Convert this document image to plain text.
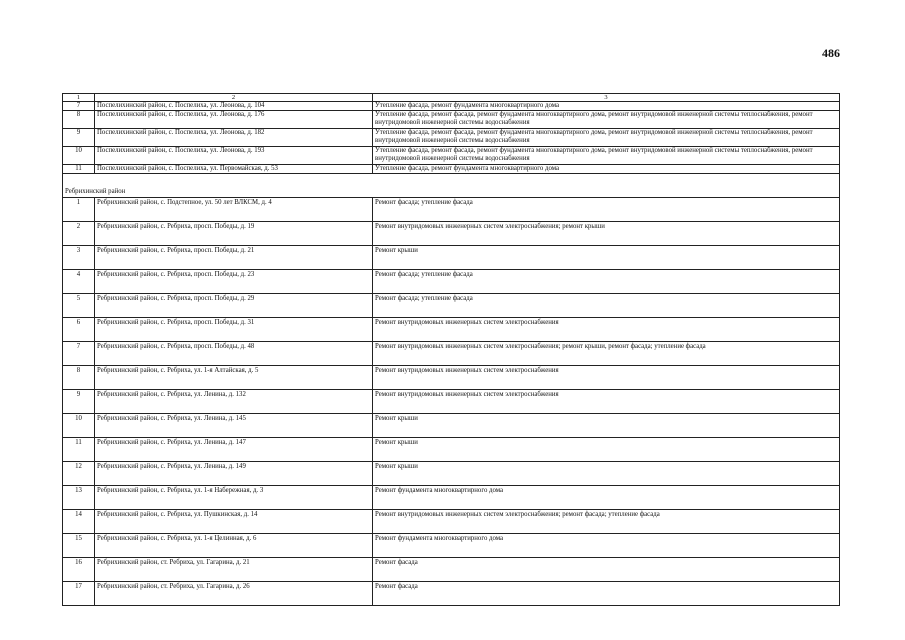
486
1	2	3
7	Поспелихинский район, с. Поспелиха, ул. Леонова, д. 104	Утепление фасада, ремонт фундамента многоквартирного дома
8	Поспелихинский район, с. Поспелиха, ул. Леонова, д. 176	Утепление фасада, ремонт фасада, ремонт фундамента многоквартирного дома, ремонт внутридомовой инженерной системы теплоснабжения, ремонт внутридомовой инженерной системы водоснабжения
9	Поспелихинский район, с. Поспелиха, ул. Леонова, д. 182	Утепление фасада, ремонт фасада, ремонт фундамента многоквартирного дома, ремонт внутридомовой инженерной системы теплоснабжения, ремонт внутридомовой инженерной системы водоснабжения
10	Поспелихинский район, с. Поспелиха, ул. Леонова, д. 193	Утепление фасада, ремонт фасада, ремонт фундамента многоквартирного дома, ремонт внутридомовой инженерной системы теплоснабжения, ремонт внутридомовой инженерной системы водоснабжения
11	Поспелихинский район, с. Поспелиха, ул. Первомайская, д. 53	Утепление фасада, ремонт фундамента многоквартирного дома
Ребрихинский район		
1	Ребрихинский район, с. Подстепное, ул. 50 лет ВЛКСМ, д. 4	Ремонт фасада; утепление фасада
2	Ребрихинский район, с. Ребриха, просп. Победы, д. 19	Ремонт внутридомовых инженерных систем электроснабжения; ремонт крыши
3	Ребрихинский район, с. Ребриха, просп. Победы, д. 21	Ремонт крыши
4	Ребрихинский район, с. Ребриха, просп. Победы, д. 23	Ремонт фасада; утепление фасада
5	Ребрихинский район, с. Ребриха, просп. Победы, д. 29	Ремонт фасада; утепление фасада
6	Ребрихинский район, с. Ребриха, просп. Победы, д. 31	Ремонт внутридомовых инженерных систем электроснабжения
7	Ребрихинский район, с. Ребриха, просп. Победы, д. 48	Ремонт внутридомовых инженерных систем электроснабжения; ремонт крыши, ремонт фасада; утепление фасада
8	Ребрихинский район, с. Ребриха, ул. 1-я Алтайская, д. 5	Ремонт внутридомовых инженерных систем электроснабжения
9	Ребрихинский район, с. Ребриха, ул. Ленина, д. 132	Ремонт внутридомовых инженерных систем электроснабжения
10	Ребрихинский район, с. Ребриха, ул. Ленина, д. 145	Ремонт крыши
11	Ребрихинский район, с. Ребриха, ул. Ленина, д. 147	Ремонт крыши
12	Ребрихинский район, с. Ребриха, ул. Ленина, д. 149	Ремонт крыши
13	Ребрихинский район, с. Ребриха, ул. 1-я Набережная, д. 3	Ремонт фундамента многоквартирного дома
14	Ребрихинский район, с. Ребриха, ул. Пушкинская, д. 14	Ремонт внутридомовых инженерных систем электроснабжения; ремонт фасада; утепление фасада
15	Ребрихинский район, с. Ребриха, ул. 1-я Целинная, д. 6	Ремонт фундамента многоквартирного дома
16	Ребрихинский район, ст. Ребриха, ул. Гагарина, д. 21	Ремонт фасада
17	Ребрихинский район, ст. Ребриха, ул. Гагарина, д. 26	Ремонт фасада
